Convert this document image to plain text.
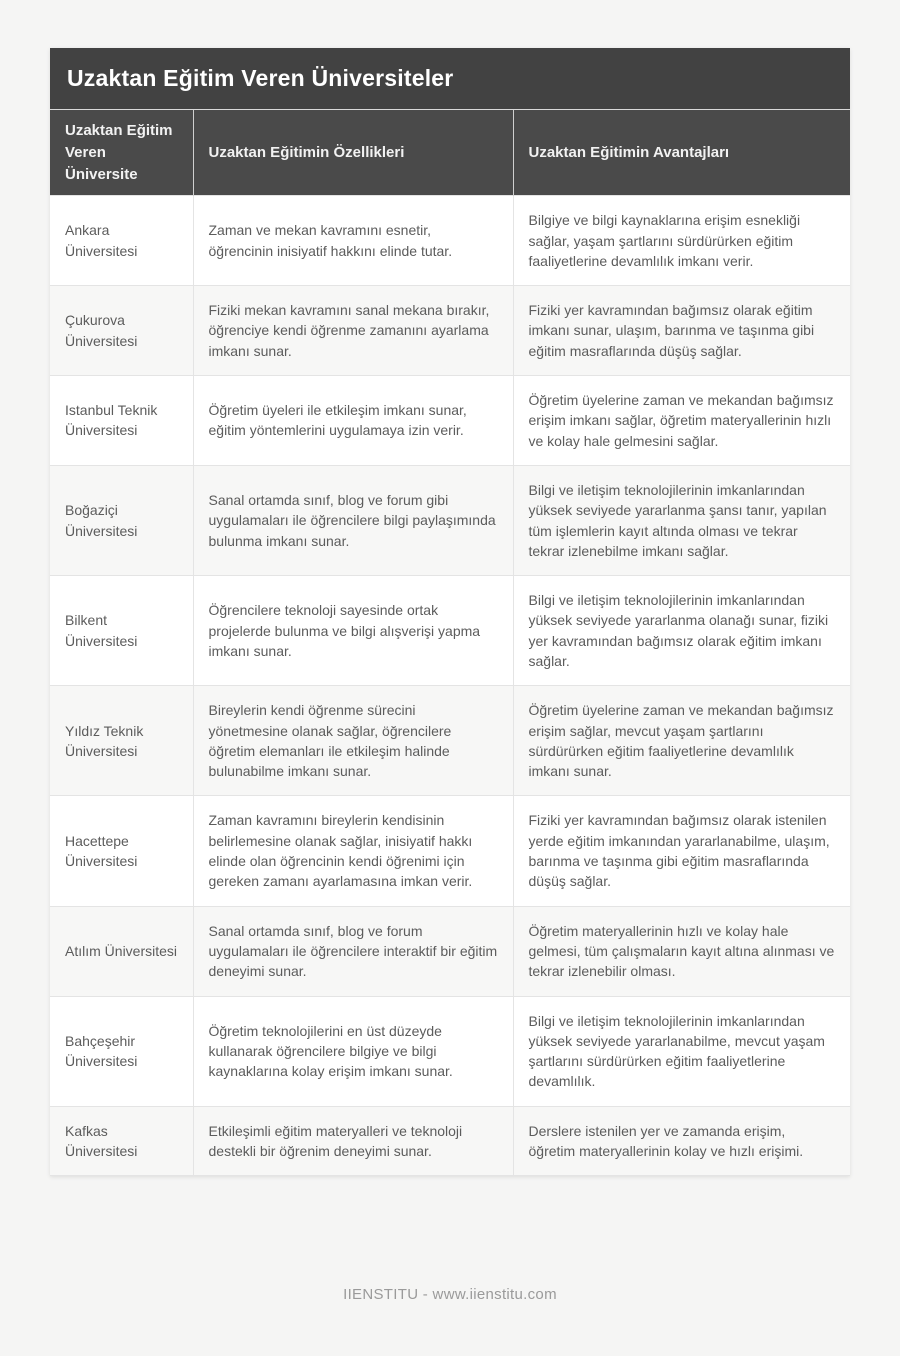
Uzaktan Eğitim Veren Üniversiteler
Uzaktan Eğitim Veren Üniversite	Uzaktan Eğitimin Özellikleri	Uzaktan Eğitimin Avantajları
Ankara Üniversitesi	Zaman ve mekan kavramını esnetir, öğrencinin inisiyatif hakkını elinde tutar.	Bilgiye ve bilgi kaynaklarına erişim esnekliği sağlar, yaşam şartlarını sürdürürken eğitim faaliyetlerine devamlılık imkanı verir.
Çukurova Üniversitesi	Fiziki mekan kavramını sanal mekana bırakır, öğrenciye kendi öğrenme zamanını ayarlama imkanı sunar.	Fiziki yer kavramından bağımsız olarak eğitim imkanı sunar, ulaşım, barınma ve taşınma gibi eğitim masraflarında düşüş sağlar.
Istanbul Teknik Üniversitesi	Öğretim üyeleri ile etkileşim imkanı sunar, eğitim yöntemlerini uygulamaya izin verir.	Öğretim üyelerine zaman ve mekandan bağımsız erişim imkanı sağlar, öğretim materyallerinin hızlı ve kolay hale gelmesini sağlar.
Boğaziçi Üniversitesi	Sanal ortamda sınıf, blog ve forum gibi uygulamaları ile öğrencilere bilgi paylaşımında bulunma imkanı sunar.	Bilgi ve iletişim teknolojilerinin imkanlarından yüksek seviyede yararlanma şansı tanır, yapılan tüm işlemlerin kayıt altında olması ve tekrar tekrar izlenebilme imkanı sağlar.
Bilkent Üniversitesi	Öğrencilere teknoloji sayesinde ortak projelerde bulunma ve bilgi alışverişi yapma imkanı sunar.	Bilgi ve iletişim teknolojilerinin imkanlarından yüksek seviyede yararlanma olanağı sunar, fiziki yer kavramından bağımsız olarak eğitim imkanı sağlar.
Yıldız Teknik Üniversitesi	Bireylerin kendi öğrenme sürecini yönetmesine olanak sağlar, öğrencilere öğretim elemanları ile etkileşim halinde bulunabilme imkanı sunar.	Öğretim üyelerine zaman ve mekandan bağımsız erişim sağlar, mevcut yaşam şartlarını sürdürürken eğitim faaliyetlerine devamlılık imkanı sunar.
Hacettepe Üniversitesi	Zaman kavramını bireylerin kendisinin belirlemesine olanak sağlar, inisiyatif hakkı elinde olan öğrencinin kendi öğrenimi için gereken zamanı ayarlamasına imkan verir.	Fiziki yer kavramından bağımsız olarak istenilen yerde eğitim imkanından yararlanabilme, ulaşım, barınma ve taşınma gibi eğitim masraflarında düşüş sağlar.
Atılım Üniversitesi	Sanal ortamda sınıf, blog ve forum uygulamaları ile öğrencilere interaktif bir eğitim deneyimi sunar.	Öğretim materyallerinin hızlı ve kolay hale gelmesi, tüm çalışmaların kayıt altına alınması ve tekrar izlenebilir olması.
Bahçeşehir Üniversitesi	Öğretim teknolojilerini en üst düzeyde kullanarak öğrencilere bilgiye ve bilgi kaynaklarına kolay erişim imkanı sunar.	Bilgi ve iletişim teknolojilerinin imkanlarından yüksek seviyede yararlanabilme, mevcut yaşam şartlarını sürdürürken eğitim faaliyetlerine devamlılık.
Kafkas Üniversitesi	Etkileşimli eğitim materyalleri ve teknoloji destekli bir öğrenim deneyimi sunar.	Derslere istenilen yer ve zamanda erişim, öğretim materyallerinin kolay ve hızlı erişimi.
IIENSTITU - www.iienstitu.com
